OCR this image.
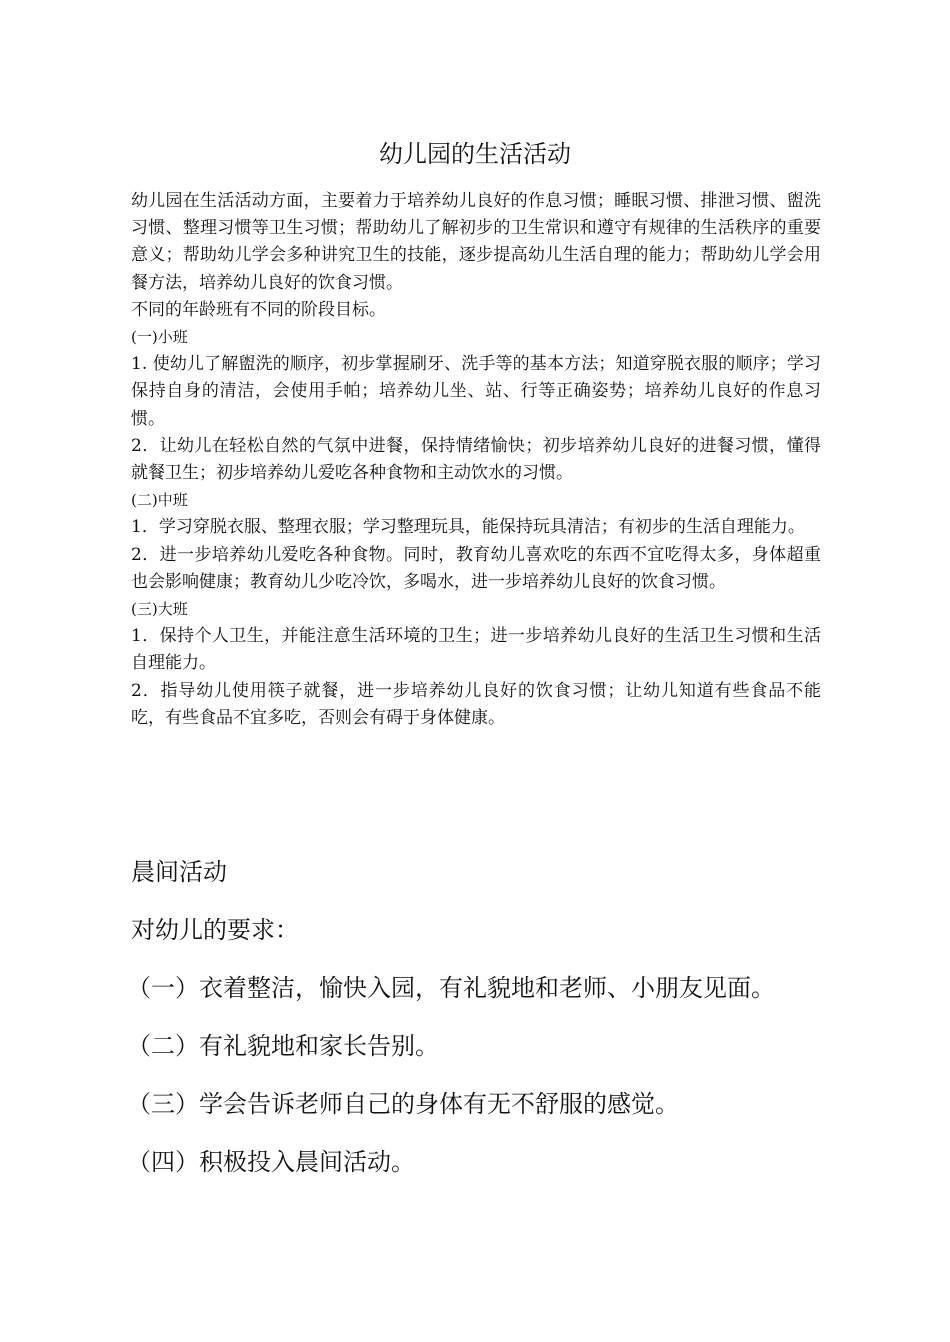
幼儿园的生活活动

幼儿园在生活活动方面，主要着力于培养幼儿良好的作息习惯；睡眠习惯、排泄习惯、盥洗习惯、整理习惯等卫生习惯；帮助幼儿了解初步的卫生常识和遵守有规律的生活秩序的重要意义；帮助幼儿学会多种讲究卫生的技能，逐步提高幼儿生活自理的能力；帮助幼儿学会用餐方法，培养幼儿良好的饮食习惯。

不同的年龄班有不同的阶段目标。

(一)小班

1. 使幼儿了解盥洗的顺序，初步掌握刷牙、洗手等的基本方法；知道穿脱衣服的顺序；学习保持自身的清洁，会使用手帕；培养幼儿坐、站、行等正确姿势；培养幼儿良好的作息习惯。

2．让幼儿在轻松自然的气氛中进餐，保持情绪愉快；初步培养幼儿良好的进餐习惯，懂得就餐卫生；初步培养幼儿爱吃各种食物和主动饮水的习惯。

(二)中班

1．学习穿脱衣服、整理衣服；学习整理玩具，能保持玩具清洁；有初步的生活自理能力。

2．进一步培养幼儿爱吃各种食物。同时，教育幼儿喜欢吃的东西不宜吃得太多，身体超重也会影响健康；教育幼儿少吃冷饮，多喝水，进一步培养幼儿良好的饮食习惯。

(三)大班

1．保持个人卫生，并能注意生活环境的卫生；进一步培养幼儿良好的生活卫生习惯和生活自理能力。

2．指导幼儿使用筷子就餐，进一步培养幼儿良好的饮食习惯；让幼儿知道有些食品不能吃，有些食品不宜多吃，否则会有碍于身体健康。

晨间活动

对幼儿的要求：

（一）衣着整洁，愉快入园，有礼貌地和老师、小朋友见面。

（二）有礼貌地和家长告别。

（三）学会告诉老师自己的身体有无不舒服的感觉。

（四）积极投入晨间活动。
